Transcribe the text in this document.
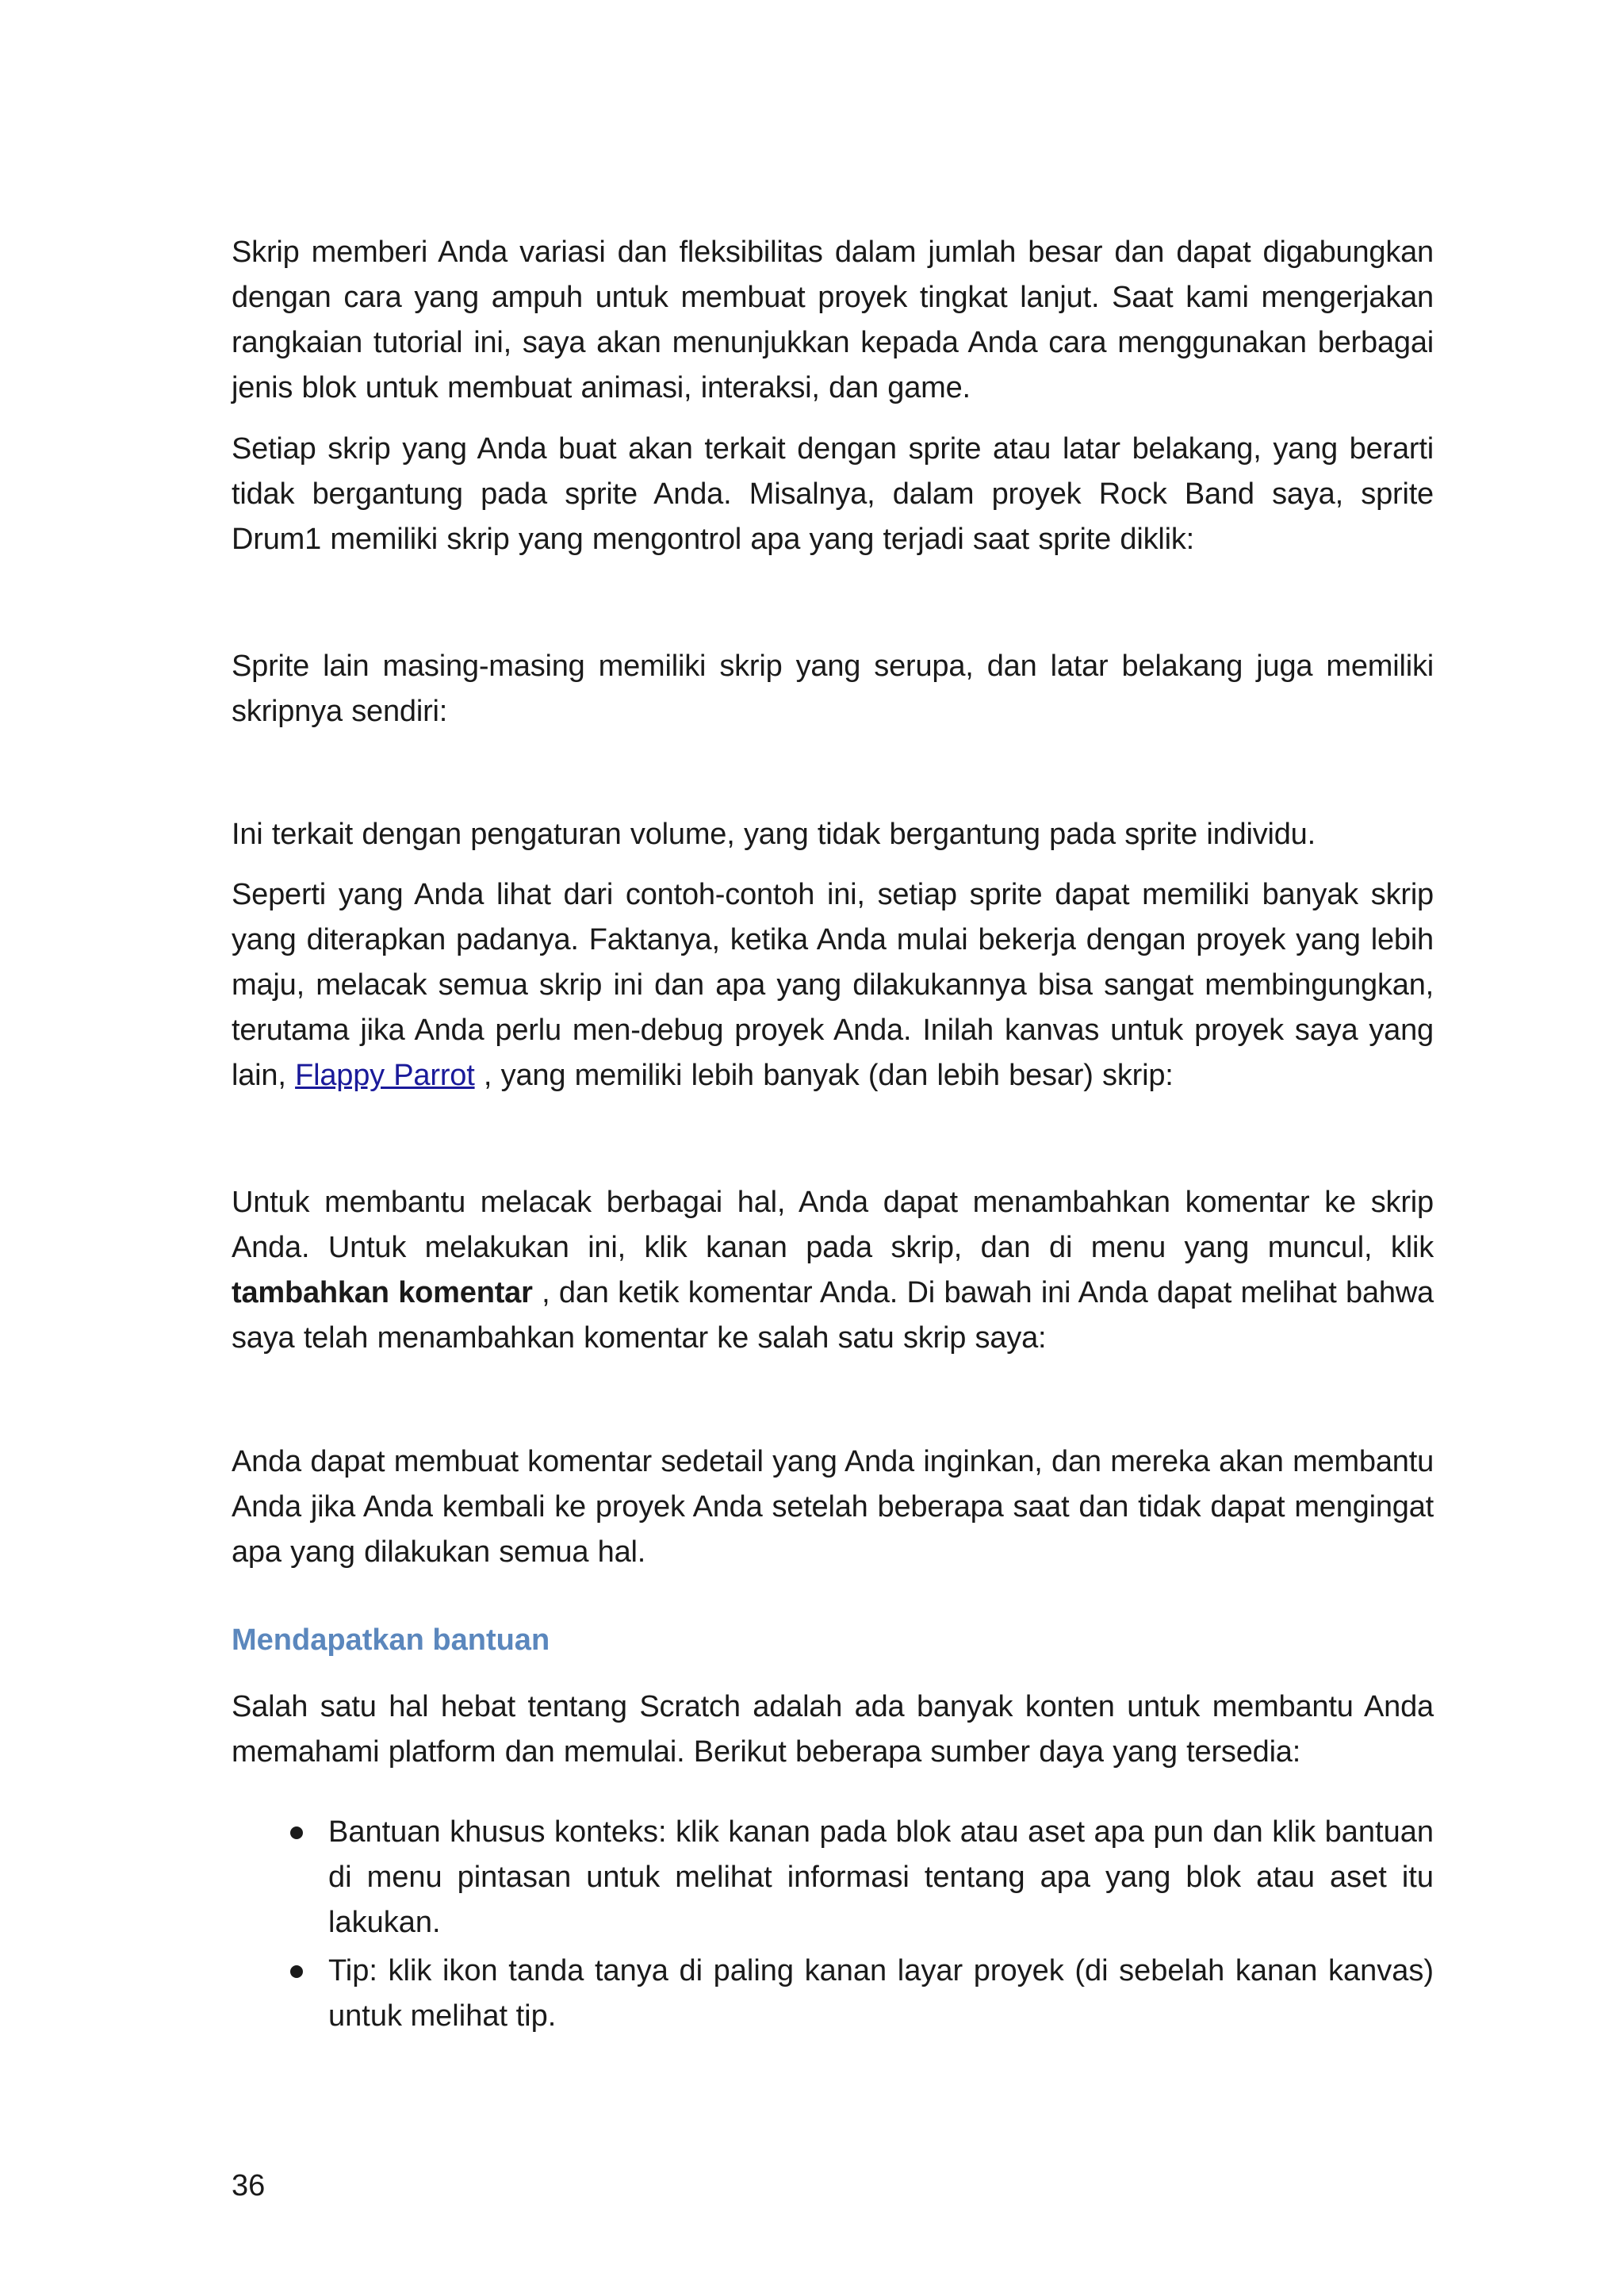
Skrip memberi Anda variasi dan fleksibilitas dalam jumlah besar dan dapat digabungkan dengan cara yang ampuh untuk membuat proyek tingkat lanjut. Saat kami mengerjakan rangkaian tutorial ini, saya akan menunjukkan kepada Anda cara menggunakan berbagai jenis blok untuk membuat animasi, interaksi, dan game.

Setiap skrip yang Anda buat akan terkait dengan sprite atau latar belakang, yang berarti tidak bergantung pada sprite Anda. Misalnya, dalam proyek Rock Band saya, sprite Drum1 memiliki skrip yang mengontrol apa yang terjadi saat sprite diklik:

Sprite lain masing-masing memiliki skrip yang serupa, dan latar belakang juga memiliki skripnya sendiri:

Ini terkait dengan pengaturan volume, yang tidak bergantung pada sprite individu.

Seperti yang Anda lihat dari contoh-contoh ini, setiap sprite dapat memiliki banyak skrip yang diterapkan padanya. Faktanya, ketika Anda mulai bekerja dengan proyek yang lebih maju, melacak semua skrip ini dan apa yang dilakukannya bisa sangat membingungkan, terutama jika Anda perlu men-debug proyek Anda. Inilah kanvas untuk proyek saya yang lain, Flappy Parrot , yang memiliki lebih banyak (dan lebih besar) skrip:

Untuk membantu melacak berbagai hal, Anda dapat menambahkan komentar ke skrip Anda. Untuk melakukan ini, klik kanan pada skrip, dan di menu yang muncul, klik tambahkan komentar , dan ketik komentar Anda. Di bawah ini Anda dapat melihat bahwa saya telah menambahkan komentar ke salah satu skrip saya:

Anda dapat membuat komentar sedetail yang Anda inginkan, dan mereka akan membantu Anda jika Anda kembali ke proyek Anda setelah beberapa saat dan tidak dapat mengingat apa yang dilakukan semua hal.

Mendapatkan bantuan

Salah satu hal hebat tentang Scratch adalah ada banyak konten untuk membantu Anda memahami platform dan memulai. Berikut beberapa sumber daya yang tersedia:

Bantuan khusus konteks: klik kanan pada blok atau aset apa pun dan klik bantuan di menu pintasan untuk melihat informasi tentang apa yang blok atau aset itu lakukan.
Tip: klik ikon tanda tanya di paling kanan layar proyek (di sebelah kanan kanvas) untuk melihat tip.
36
